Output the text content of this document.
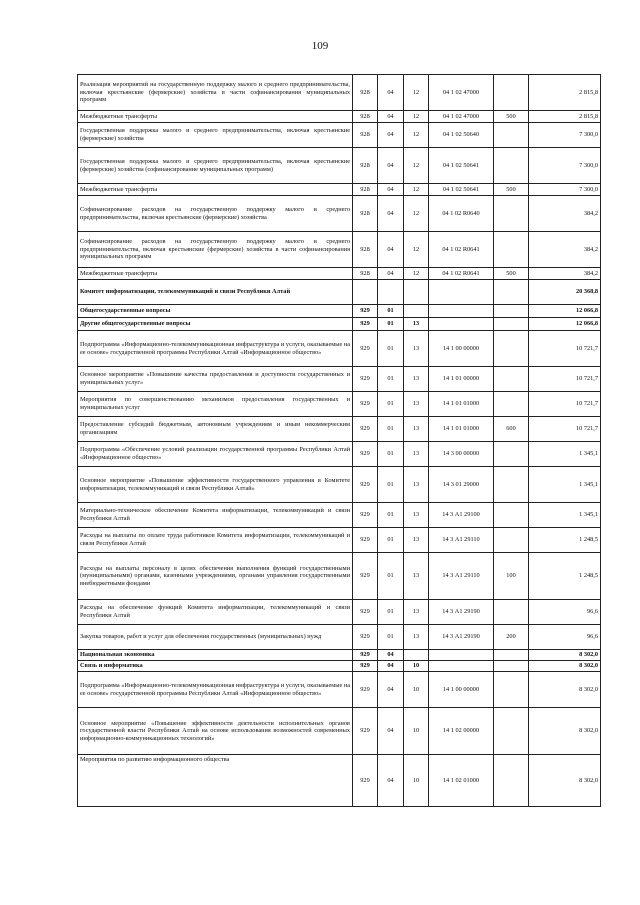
109
Реализация мероприятий на государственную поддержку малого и среднего предпринимательства, включая крестьянские (фермерские) хозяйства в части софинансирования муниципальных программ	928	04	12	04 1 02 47000		2 815,8
Межбюджетные трансферты	928	04	12	04 1 02 47000	500	2 815,8
Государственная поддержка малого и среднего предпринимательства, включая крестьянские (фермерские) хозяйства	928	04	12	04 1 02 50640		7 300,0
Государственная поддержка малого и среднего предпринимательства, включая крестьянские (фермерские) хозяйства (софинансирование муниципальных программ)	928	04	12	04 1 02 50641		7 300,0
Межбюджетные трансферты	928	04	12	04 1 02 50641	500	7 300,0
Софинансирование расходов на государственную поддержку малого и среднего предпринимательства, включая крестьянские (фермерские) хозяйства	928	04	12	04 1 02 R0640		384,2
Софинансирование расходов на государственную поддержку малого и среднего предпринимательства, включая крестьянские (фермерские) хозяйства в части софинансирования муниципальных программ	928	04	12	04 1 02 R0641		384,2
Межбюджетные трансферты	928	04	12	04 1 02 R0641	500	384,2
Комитет информатизации, телекоммуникаций и связи Республики Алтай						20 368,8
Общегосударственные вопросы	929	01				12 066,8
Другие общегосударственные вопросы	929	01	13			12 066,8
Подпрограмма «Информационно-телекоммуникационная инфраструктура и услуги, оказываемые на ее основе» государственной программы Республики Алтай «Информационное общество»	929	01	13	14 1 00 00000		10 721,7
Основное мероприятие «Повышение качества предоставления и доступности государственных и муниципальных услуг»	929	01	13	14 1 01 00000		10 721,7
Мероприятия по совершенствованию механизмов предоставления государственных и муниципальных услуг	929	01	13	14 1 01 01000		10 721,7
Предоставление субсидий бюджетным, автономным учреждениям и иным некоммерческим организациям	929	01	13	14 1 01 01000	600	10 721,7
Подпрограмма «Обеспечение условий реализации государственной программы Республики Алтай «Информационное общество»	929	01	13	14 3 00 00000		1 345,1
Основное мероприятие «Повышение эффективности государственного управления в Комитете информатизации, телекоммуникаций и связи Республики Алтай»	929	01	13	14 3 01 29000		1 345,1
Материально-техническое обеспечение Комитета информатизации, телекоммуникаций и связи Республики Алтай	929	01	13	14 3 А1 29100		1 345,1
Расходы на выплаты по оплате труда работников Комитета информатизации, телекоммуникаций и связи Республики Алтай	929	01	13	14 3 А1 29110		1 248,5
Расходы на выплаты персоналу в целях обеспечения выполнения функций государственными (муниципальными) органами, казенными учреждениями, органами управления государственными внебюджетными фондами	929	01	13	14 3 А1 29110	100	1 248,5
Расходы на обеспечение функций Комитета информатизации, телекоммуникаций и связи Республики Алтай	929	01	13	14 3 А1 29190		96,6
Закупка товаров, работ и услуг для обеспечения государственных (муниципальных) нужд	929	01	13	14 3 А1 29190	200	96,6
Национальная экономика	929	04				8 302,0
Связь и информатика	929	04	10			8 302,0
Подпрограмма «Информационно-телекоммуникационная инфраструктура и услуги, оказываемые на ее основе» государственной программы Республики Алтай «Информационное общество»	929	04	10	14 1 00 00000		8 302,0
Основное мероприятие «Повышение эффективности деятельности исполнительных органов государственной власти Республики Алтай на основе использования возможностей современных информационно-коммуникационных технологий»	929	04	10	14 1 02 00000		8 302,0
Мероприятия по развитию информационного общества	929	04	10	14 1 02 01000		8 302,0
